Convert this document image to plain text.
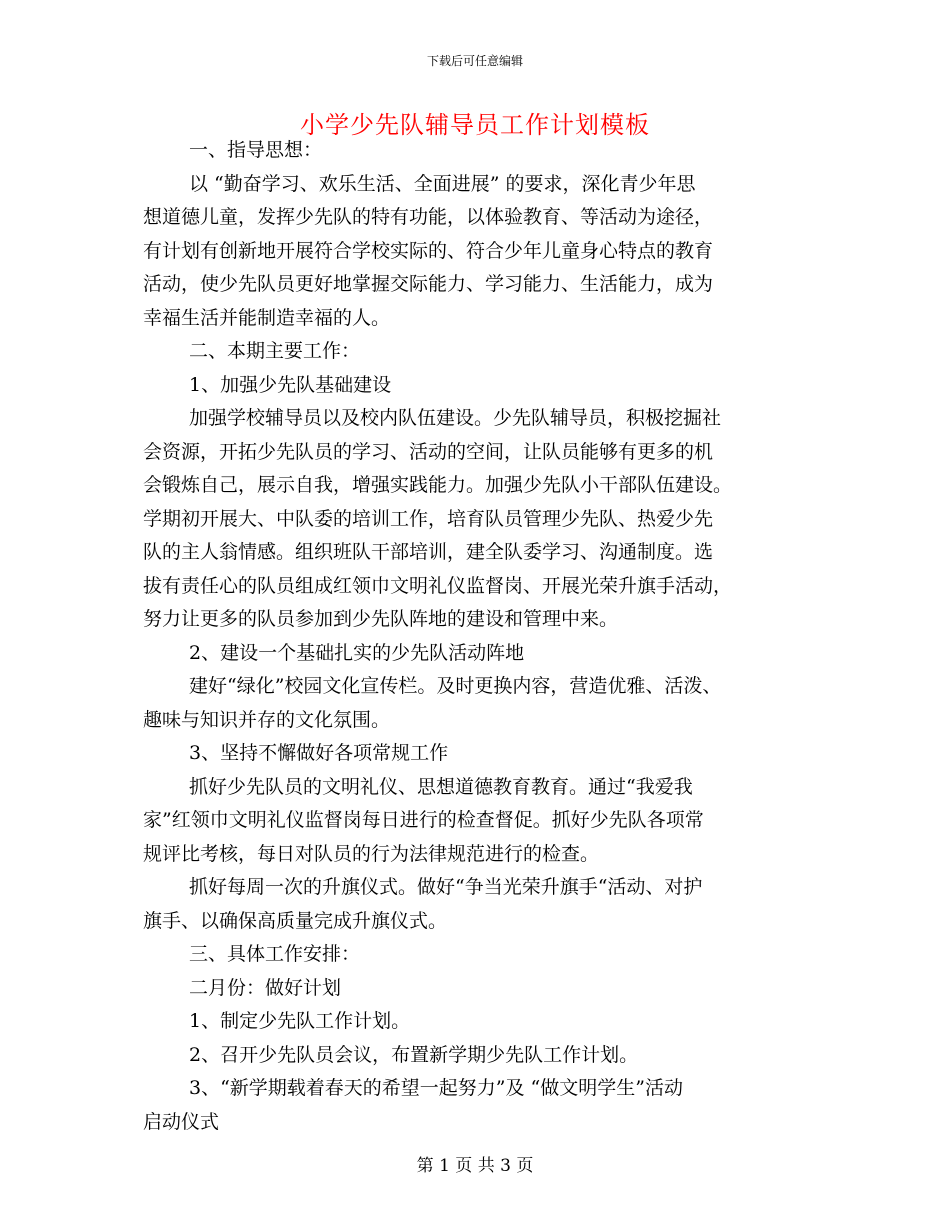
下载后可任意编辑
小学少先队辅导员工作计划模板

一、指导思想：

以 “勤奋学习、欢乐生活、全面进展” 的要求，深化青少年思

想道德儿童，发挥少先队的特有功能，以体验教育、等活动为途径，

有计划有创新地开展符合学校实际的、符合少年儿童身心特点的教育

活动，使少先队员更好地掌握交际能力、学习能力、生活能力，成为

幸福生活并能制造幸福的人。

二、本期主要工作：

1、加强少先队基础建设

加强学校辅导员以及校内队伍建设。少先队辅导员，积极挖掘社

会资源，开拓少先队员的学习、活动的空间，让队员能够有更多的机

会锻炼自己，展示自我，增强实践能力。加强少先队小干部队伍建设。

学期初开展大、中队委的培训工作，培育队员管理少先队、热爱少先

队的主人翁情感。组织班队干部培训，建全队委学习、沟通制度。选

拔有责任心的队员组成红领巾文明礼仪监督岗、开展光荣升旗手活动，

努力让更多的队员参加到少先队阵地的建设和管理中来。

2、建设一个基础扎实的少先队活动阵地

建好“绿化”校园文化宣传栏。及时更换内容，营造优雅、活泼、

趣味与知识并存的文化氛围。

3、坚持不懈做好各项常规工作

抓好少先队员的文明礼仪、思想道德教育教育。通过“我爱我

家”红领巾文明礼仪监督岗每日进行的检查督促。抓好少先队各项常

规评比考核，每日对队员的行为法律规范进行的检查。

抓好每周一次的升旗仪式。做好“争当光荣升旗手“活动、对护

旗手、以确保高质量完成升旗仪式。

三、具体工作安排：

二月份：做好计划

1、制定少先队工作计划。

2、召开少先队员会议，布置新学期少先队工作计划。

3、“新学期载着春天的希望一起努力”及 “做文明学生”活动

启动仪式

第 1 页 共 3 页
